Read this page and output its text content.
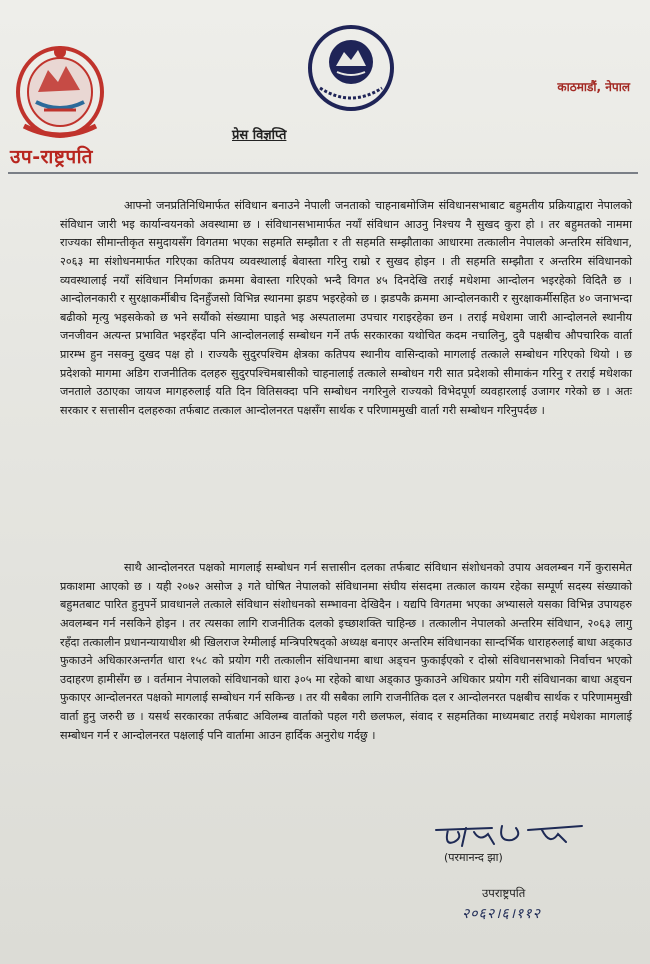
काठमाडौं, नेपाल
प्रेस विज्ञप्ति
उप-राष्ट्रपति

आफ्नो जनप्रतिनिधिमार्फत संविधान बनाउने नेपाली जनताको चाहनाबमोजिम संविधानसभाबाट बहुमतीय प्रक्रियाद्वारा नेपालको संविधान जारी भइ कार्यान्वयनको अवस्थामा छ । संविधानसभामार्फत नयाँ संविधान आउनु निश्चय नै सुखद कुरा हो । तर बहुमतको नाममा राज्यका सीमान्तीकृत समुदायसँग विगतमा भएका सहमति सम्झौता र ती सहमति सम्झौताका आधारमा तत्कालीन नेपालको अन्तरिम संविधान, २०६३ मा संशोधनमार्फत गरिएका कतिपय व्यवस्थालाई बेवास्ता गरिनु राम्रो र सुखद होइन । ती सहमति सम्झौता र अन्तरिम संविधानको व्यवस्थालाई नयाँ संविधान निर्माणका क्रममा बेवास्ता गरिएको भन्दै विगत ४५ दिनदेखि तराई मधेशमा आन्दोलन भइरहेको विदितै छ । आन्दोलनकारी र सुरक्षाकर्मीबीच दिनहुँजसो विभिन्न स्थानमा झडप भइरहेको छ । झडपकै क्रममा आन्दोलनकारी र सुरक्षाकर्मीसहित ४० जनाभन्दा बढीको मृत्यु भइसकेको छ भने सयौंको संख्यामा घाइते भइ अस्पतालमा उपचार गराइरहेका छन । तराई मधेशमा जारी आन्दोलनले स्थानीय जनजीवन अत्यन्त प्रभावित भइरहँदा पनि आन्दोलनलाई सम्बोधन गर्ने तर्फ सरकारका यथोचित कदम नचालिनु, दुवै पक्षबीच औपचारिक वार्ता प्रारम्भ हुन नसक्नु दुखद पक्ष हो । राज्यकै सुदुरपश्चिम क्षेत्रका कतिपय स्थानीय वासिन्दाको मागलाई तत्काले सम्बोधन गरिएको थियो । छ प्रदेशको मागमा अडिग राजनीतिक दलहरु सुदुरपश्चिमबासीको चाहनालाई तत्काले सम्बोधन गरी सात प्रदेशको सीमाकंन गरिनु र तराई मधेशका जनताले उठाएका जायज मागहरुलाई यति दिन वितिसक्दा पनि सम्बोधन नगरिनुले राज्यको विभेदपूर्ण व्यवहारलाई उजागर गरेको छ । अतः सरकार र सत्तासीन दलहरुका तर्फबाट तत्काल आन्दोलनरत पक्षसँग सार्थक र परिणाममुखी वार्ता गरी सम्बोधन गरिनुपर्दछ ।

साथै आन्दोलनरत पक्षको मागलाई सम्बोधन गर्न सत्तासीन दलका तर्फबाट संविधान संशोधनको उपाय अवलम्बन गर्ने कुरासमेत प्रकाशमा आएको छ । यही २०७२ असोज ३ गते घोषित नेपालको संविधानमा संघीय संसदमा तत्काल कायम रहेका सम्पूर्ण सदस्य संख्याको बहुमतबाट पारित हुनुपर्ने प्रावधानले तत्काले संविधान संशोधनको सम्भावना देखिदैन । यद्यपि विगतमा भएका अभ्यासले यसका विभिन्न उपायहरु अवलम्बन गर्न नसकिने होइन । तर त्यसका लागि राजनीतिक दलको इच्छाशक्ति चाहिन्छ । तत्कालीन नेपालको अन्तरिम संविधान, २०६३ लागु रहँदा तत्कालीन प्रधानन्यायाधीश श्री खिलराज रेग्मीलाई मन्त्रिपरिषद्को अध्यक्ष बनाएर अन्तरिम संविधानका सान्दर्भिक धाराहरुलाई बाधा अड्काउ फुकाउने अधिकारअन्तर्गत धारा १५८ को प्रयोग गरी तत्कालीन संविधानमा बाधा अड्चन फुकाईएको र दोस्रो संविधानसभाको निर्वाचन भएको उदाहरण हामीसँग छ । वर्तमान नेपालको संविधानको धारा ३०५ मा रहेको बाधा अड्काउ फुकाउने अधिकार प्रयोग गरी संविधानका बाधा अड्चन फुकाएर आन्दोलनरत पक्षको मागलाई सम्बोधन गर्न सकिन्छ । तर यी सबैका लागि राजनीतिक दल र आन्दोलनरत पक्षबीच सार्थक र परिणाममुखी वार्ता हुनु जरुरी छ । यसर्थ सरकारका तर्फबाट अविलम्ब वार्ताको पहल गरी छलफल, संवाद र सहमतिका माध्यमबाट तराई मधेशका मागलाई सम्बोधन गर्न र आन्दोलनरत पक्षलाई पनि वार्तामा आउन हार्दिक अनुरोध गर्दछु ।

(परमानन्द झा)
उपराष्ट्रपति
२०६२।६।११२
